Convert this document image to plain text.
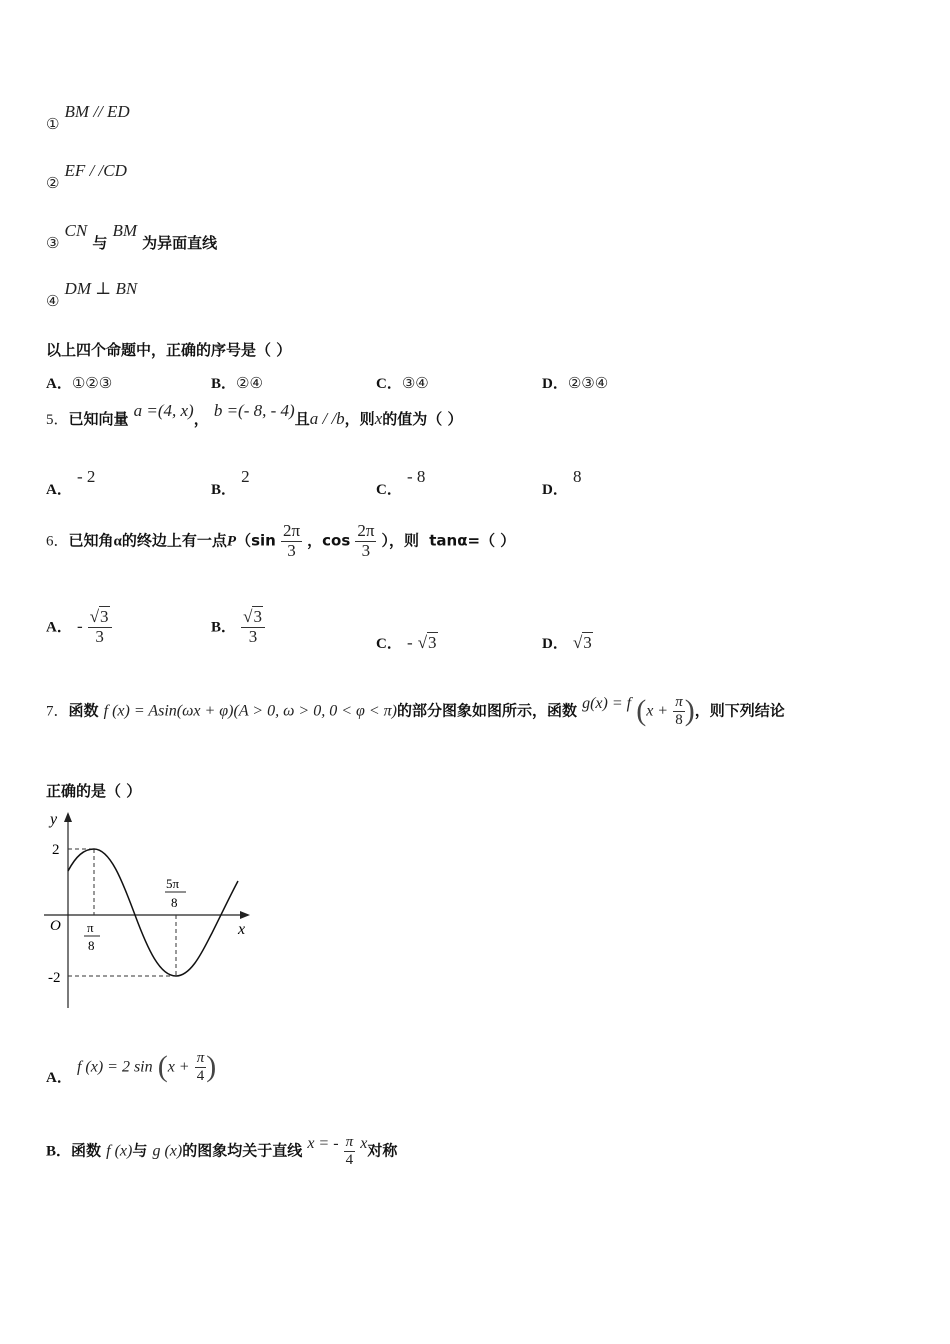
① BM // ED
② EF / /CD
③ CN 与 BM 为异面直线
④ DM ⊥ BN
以上四个命题中，正确的序号是（ ）
A．①②③	B．②④	C．③④	D．②③④
5．已知向量 a =(4, x)， b =(- 8, - 4)且a / /b，则x的值为（ ）
A． - 2
B． 2
C． - 8
D． 8
6．已知角α的终边上有一点$P(\sin \frac{2\pi}{3}$ ，$\cos \frac{2\pi}{3}$ ），则 tanα=（ ）
A． - $\frac{√3}{3}$	B． $\frac{√3}{3}$	C． - √3	D． √3
7．函数 f (x) = Asin(ωx + φ)(A > 0, ω > 0, 0 < φ < π)的部分图象如图所示，函数 g(x) = f ($x + \frac{\pi}{8}$ )，则下列结论
正确的是（ ）
y
x
O
2
-2
π
8
5π
8
A． f (x) = 2 $\sin (x + \frac{\pi}{4}$ )
B．函数 f (x)与 g (x)的图象均关于直线 x = - $\frac{\pi}{4}$ x对称
